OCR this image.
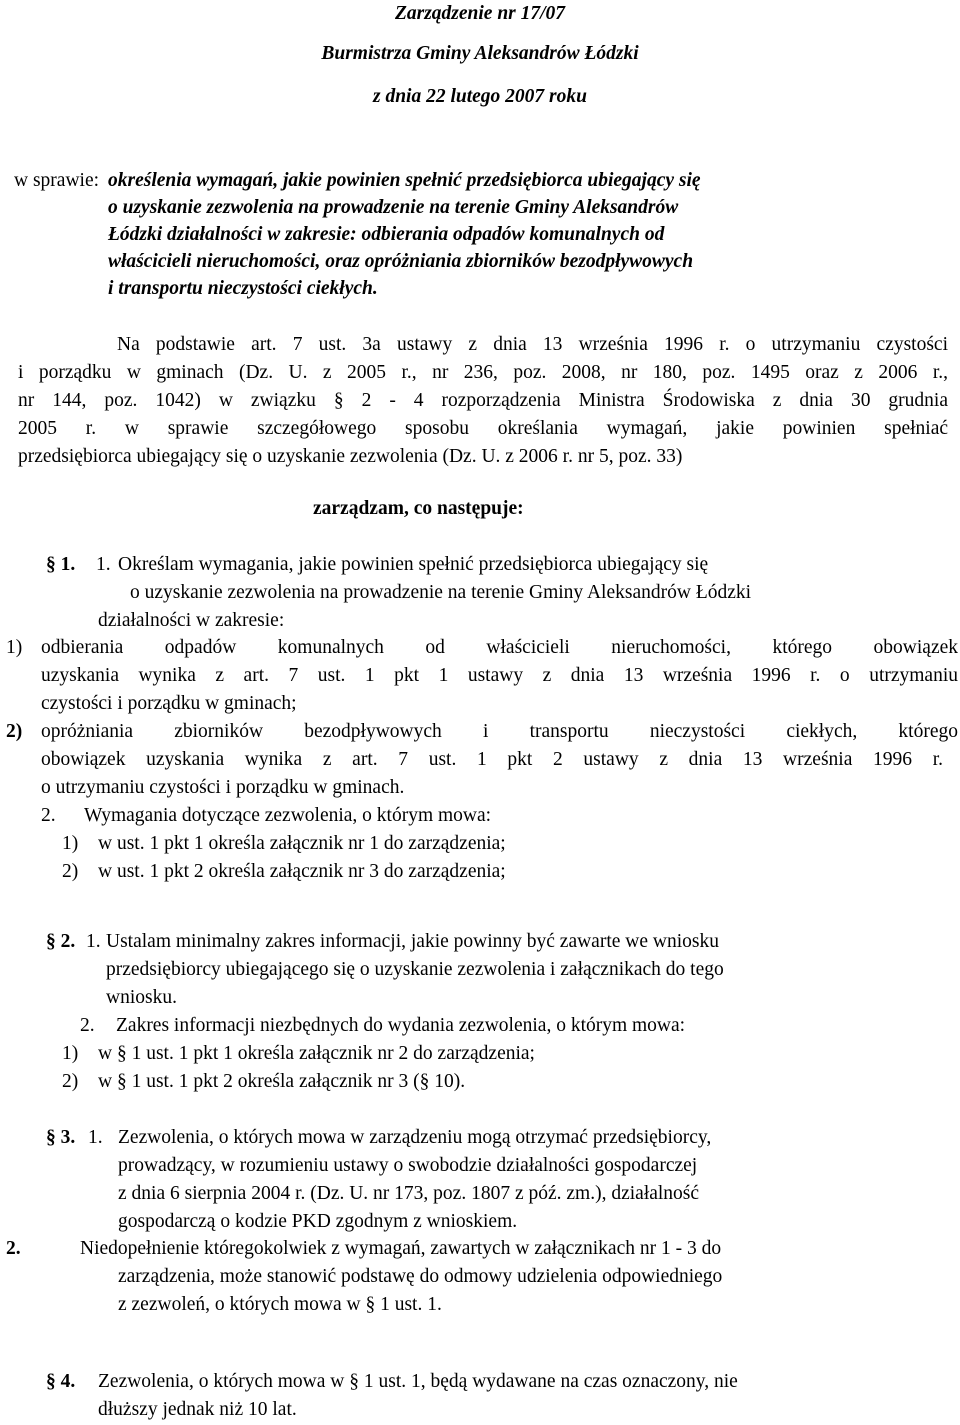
Zarządzenie nr 17/07
Burmistrza Gminy Aleksandrów Łódzki
z dnia 22 lutego 2007 roku
w sprawie: określenia wymagań, jakie powinien spełnić przedsiębiorca ubiegający się
o uzyskanie zezwolenia na prowadzenie na terenie Gminy Aleksandrów
Łódzki działalności w zakresie: odbierania odpadów komunalnych od
właścicieli nieruchomości, oraz opróżniania zbiorników bezodpływowych
i transportu nieczystości ciekłych.
Na podstawie art. 7 ust. 3a ustawy z dnia 13 września 1996 r. o utrzymaniu czystości
i porządku w gminach (Dz. U. z 2005 r., nr 236, poz. 2008, nr 180, poz. 1495 oraz z 2006 r.,
nr 144, poz. 1042) w związku § 2 - 4 rozporządzenia Ministra Środowiska z dnia 30 grudnia
2005 r. w sprawie szczegółowego sposobu określania wymagań, jakie powinien spełniać
przedsiębiorca ubiegający się o uzyskanie zezwolenia (Dz. U. z 2006 r. nr 5, poz. 33)
zarządzam, co następuje:
§ 1. 1. Określam wymagania, jakie powinien spełnić przedsiębiorca ubiegający się
o uzyskanie zezwolenia na prowadzenie na terenie Gminy Aleksandrów Łódzki
działalności w zakresie:
1) odbierania odpadów komunalnych od właścicieli nieruchomości, którego obowiązek
uzyskania wynika z art. 7 ust. 1 pkt 1 ustawy z dnia 13 września 1996 r. o utrzymaniu
czystości i porządku w gminach;
2) opróżniania zbiorników bezodpływowych i transportu nieczystości ciekłych, którego
obowiązek uzyskania wynika z art. 7 ust. 1 pkt 2 ustawy z dnia 13 września 1996 r.
o utrzymaniu czystości i porządku w gminach.
2. Wymagania dotyczące zezwolenia, o którym mowa:
1) w ust. 1 pkt 1 określa załącznik nr 1 do zarządzenia;
2) w ust. 1 pkt 2 określa załącznik nr 3 do zarządzenia;
§ 2. 1. Ustalam minimalny zakres informacji, jakie powinny być zawarte we wniosku
przedsiębiorcy ubiegającego się o uzyskanie zezwolenia i załącznikach do tego
wniosku.
2. Zakres informacji niezbędnych do wydania zezwolenia, o którym mowa:
1) w § 1 ust. 1 pkt 1 określa załącznik nr 2 do zarządzenia;
2) w § 1 ust. 1 pkt 2 określa załącznik nr 3 (§ 10).
§ 3. 1. Zezwolenia, o których mowa w zarządzeniu mogą otrzymać przedsiębiorcy,
prowadzący, w rozumieniu ustawy o swobodzie działalności gospodarczej
z dnia 6 sierpnia 2004 r. (Dz. U. nr 173, poz. 1807 z póź. zm.), działalność
gospodarczą o kodzie PKD zgodnym z wnioskiem.
2.	Niedopełnienie któregokolwiek z wymagań, zawartych w załącznikach nr 1 - 3 do
zarządzenia, może stanowić podstawę do odmowy udzielenia odpowiedniego
z zezwoleń, o których mowa w § 1 ust. 1.
§ 4. Zezwolenia, o których mowa w § 1 ust. 1, będą wydawane na czas oznaczony, nie
dłuższy jednak niż 10 lat.
